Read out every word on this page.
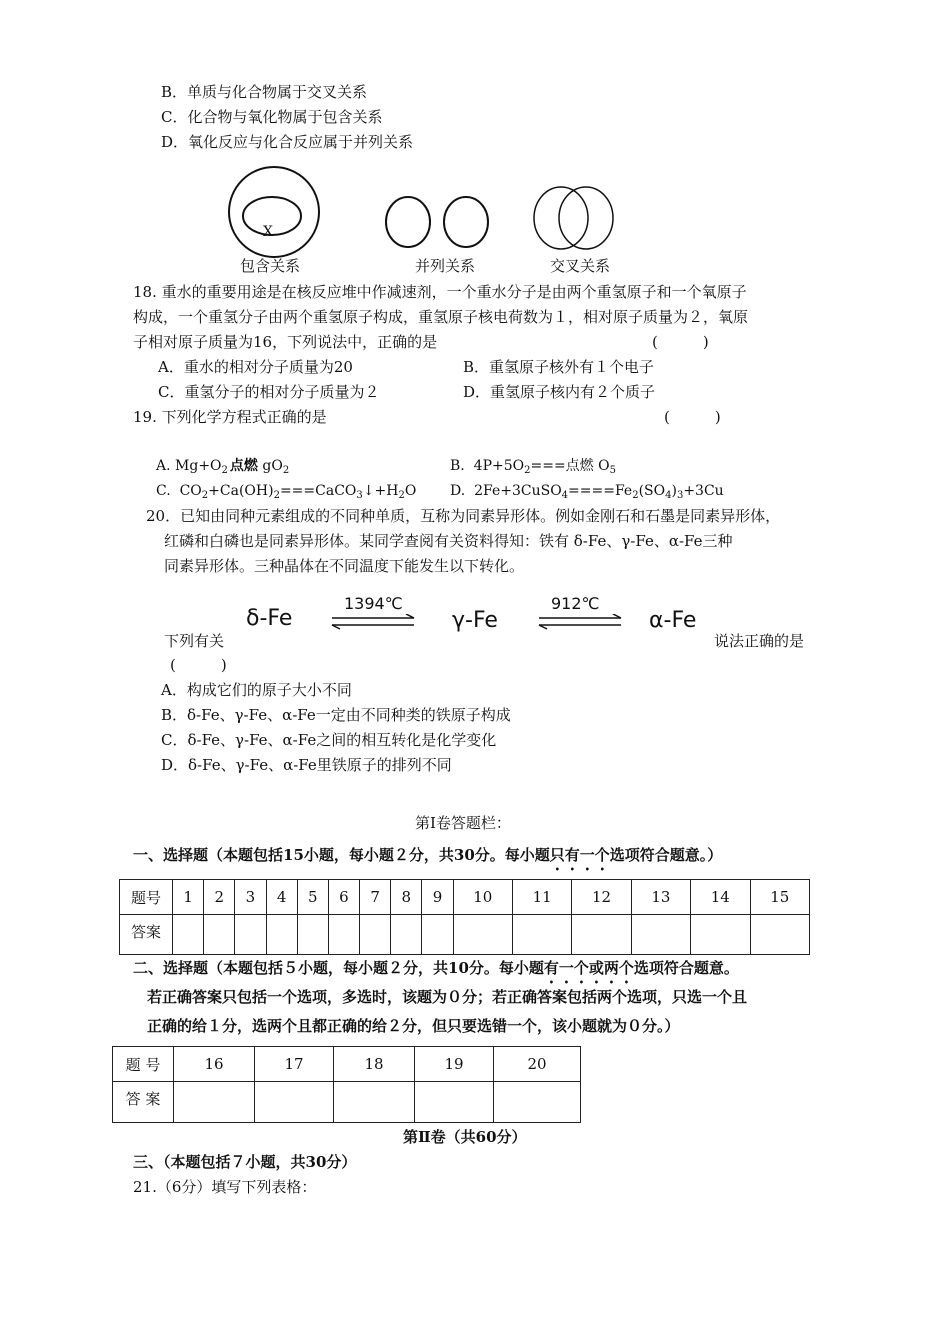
B．单质与化合物属于交叉关系
C．化合物与氧化物属于包含关系
D．氧化反应与化合反应属于并列关系
X
包含关系	并列关系	交叉关系
18. 重水的重要用途是在核反应堆中作减速剂，一个重水分子是由两个重氢原子和一个氧原子
构成，一个重氢分子由两个重氢原子构成，重氢原子核电荷数为１，相对原子质量为２，氧原
子相对原子质量为16，下列说法中，正确的是	(　　　)
A．重水的相对分子质量为20	B．重氢原子核外有１个电子
C．重氢分子的相对分子质量为２	D．重氢原子核内有２个质子
19. 下列化学方程式正确的是	(　　　)
A. $Mg+O_2$ 点燃 $gO_2$	B. $4P+5O_2===$点燃 $O_5$
C. $CO_2+Ca(OH)_2===CaCO_3↓+H_2O$ D. $2Fe+3CuSO_4====Fe_2(SO_4)_3+3Cu$
20．已知由同种元素组成的不同种单质，互称为同素异形体。例如金刚石和石墨是同素异形体，
红磷和白磷也是同素异形体。某同学查阅有关资料得知：铁有 δ-Fe、γ-Fe、α-Fe三种
同素异形体。三种晶体在不同温度下能发生以下转化。
δ-Fe
1394℃
γ-Fe
912℃
α-Fe
下列有关	说法正确的是
(　　　)
A．构成它们的原子大小不同
B．δ-Fe、γ-Fe、α-Fe一定由不同种类的铁原子构成
C．δ-Fe、γ-Fe、α-Fe之间的相互转化是化学变化
D．δ-Fe、γ-Fe、α-Fe里铁原子的排列不同
第Ⅰ卷答题栏：
一、选择题（本题包括15小题，每小题２分，共30分。每小题只有一个选项符合题意。）
题号	1	2	3	4	5	6	7	8	9	10	11	12	13	14	15
答案															
二、选择题（本题包括５小题，每小题２分，共10分。每小题有一个或两个选项符合题意。
若正确答案只包括一个选项，多选时，该题为０分；若正确答案包括两个选项，只选一个且
正确的给１分，选两个且都正确的给２分，但只要选错一个，该小题就为０分。）
题 号	16	17	18	19	20
答 案					
第Ⅱ卷（共60分）
三、（本题包括７小题，共30分）
21.（6分）填写下列表格：
